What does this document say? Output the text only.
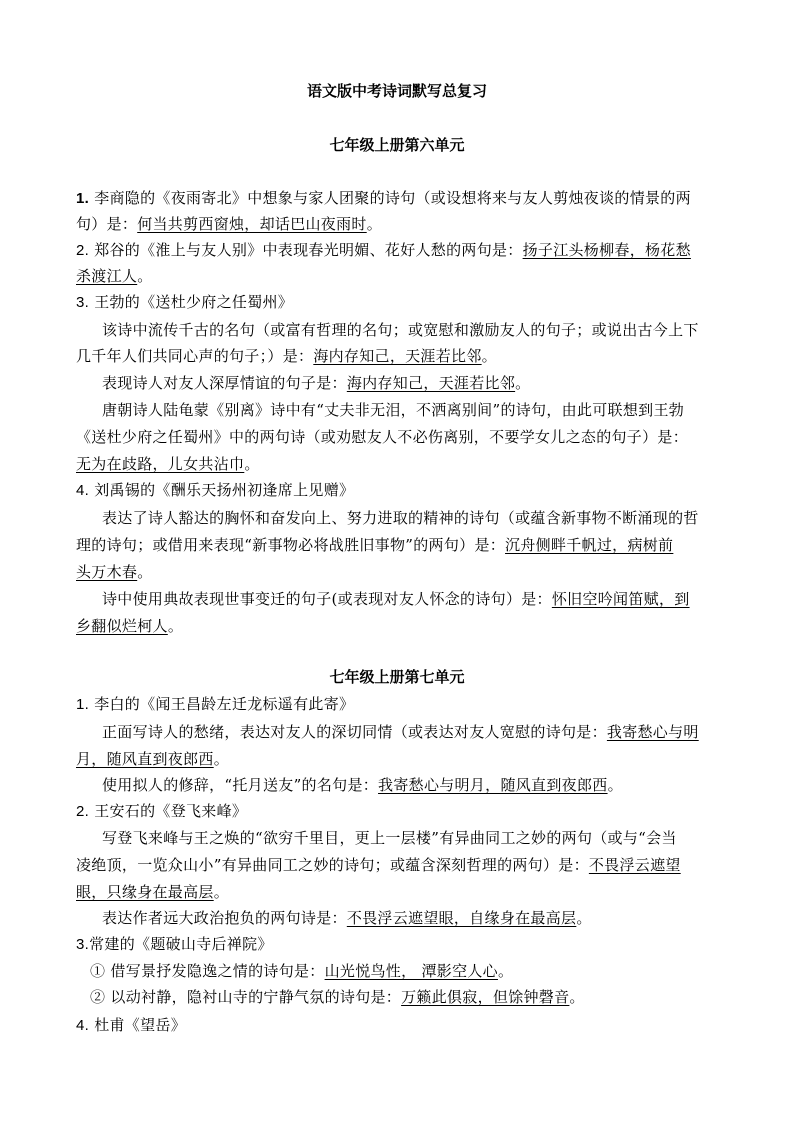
语文版中考诗词默写总复习
七年级上册第六单元
1. 李商隐的《夜雨寄北》中想象与家人团聚的诗句（或设想将来与友人剪烛夜谈的情景的两
句）是：何当共剪西窗烛，却话巴山夜雨时。
2. 郑谷的《淮上与友人别》中表现春光明媚、花好人愁的两句是：扬子江头杨柳春，杨花愁
杀渡江人。
3. 王勃的《送杜少府之任蜀州》
该诗中流传千古的名句（或富有哲理的名句；或宽慰和激励友人的句子；或说出古今上下
几千年人们共同心声的句子；）是：海内存知己，天涯若比邻。
表现诗人对友人深厚情谊的句子是：海内存知己，天涯若比邻。
唐朝诗人陆龟蒙《别离》诗中有“丈夫非无泪，不洒离别间”的诗句，由此可联想到王勃
《送杜少府之任蜀州》中的两句诗（或劝慰友人不必伤离别，不要学女儿之态的句子）是：
无为在歧路，儿女共沾巾。
4. 刘禹锡的《酬乐天扬州初逢席上见赠》
表达了诗人豁达的胸怀和奋发向上、努力进取的精神的诗句（或蕴含新事物不断涌现的哲
理的诗句；或借用来表现“新事物必将战胜旧事物”的两句）是：沉舟侧畔千帆过，病树前
头万木春。
诗中使用典故表现世事变迁的句子(或表现对友人怀念的诗句）是：怀旧空吟闻笛赋，到
乡翻似烂柯人。
七年级上册第七单元
1. 李白的《闻王昌龄左迁龙标遥有此寄》
正面写诗人的愁绪，表达对友人的深切同情（或表达对友人宽慰的诗句是：我寄愁心与明
月，随风直到夜郎西。
使用拟人的修辞，“托月送友”的名句是：我寄愁心与明月，随风直到夜郎西。
2. 王安石的《登飞来峰》
写登飞来峰与王之焕的“欲穷千里目，更上一层楼”有异曲同工之妙的两句（或与“会当
凌绝顶，一览众山小”有异曲同工之妙的诗句；或蕴含深刻哲理的两句）是：不畏浮云遮望
眼，只缘身在最高层。
表达作者远大政治抱负的两句诗是：不畏浮云遮望眼，自缘身在最高层。
3.常建的《题破山寺后禅院》
① 借写景抒发隐逸之情的诗句是：山光悦鸟性， 潭影空人心。
② 以动衬静，隐衬山寺的宁静气氛的诗句是：万籁此俱寂，但馀钟磬音。
4. 杜甫《望岳》
